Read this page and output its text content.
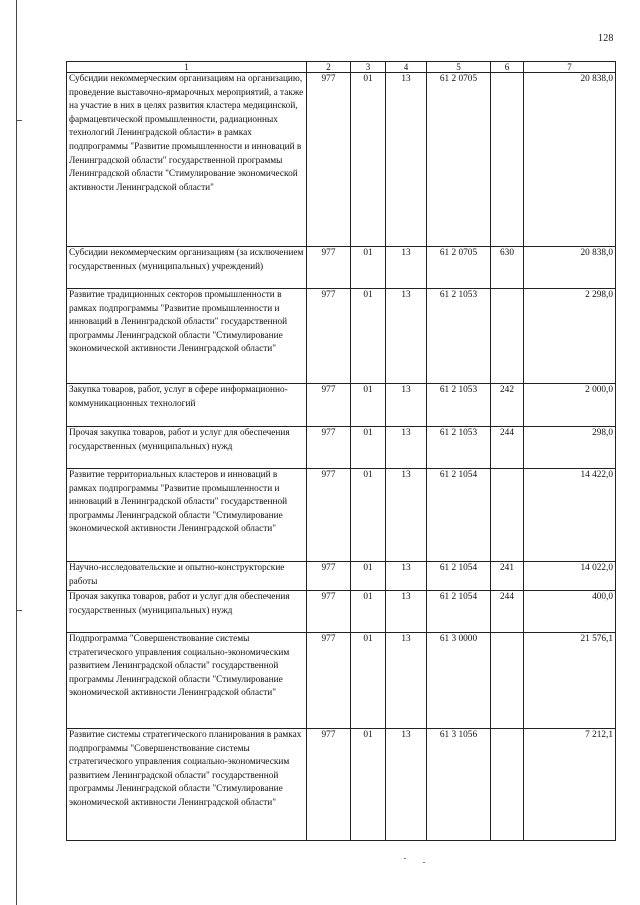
128
1	2	3	4	5	6	7
Субсидии некоммерческим организациям на организацию, проведение выставочно-ярмарочных мероприятий, а также на участие в них в целях развития кластера медицинской, фармацевтической промышленности, радиационных технологий Ленинградской области» в рамках подпрограммы "Развитие промышленности и инноваций в Ленинградской области" государственной программы Ленинградской области "Стимулирование экономической активности Ленинградской области"	977	01	13	61 2 0705		20 838,0
Субсидии некоммерческим организациям (за исключением государственных (муниципальных) учреждений)	977	01	13	61 2 0705	630	20 838,0
Развитие традиционных секторов промышленности в рамках подпрограммы "Развитие промышленности и инноваций в Ленинградской области" государственной программы Ленинградской области "Стимулирование экономической активности Ленинградской области"	977	01	13	61 2 1053		2 298,0
Закупка товаров, работ, услуг в сфере информационно-коммуникационных технологий	977	01	13	61 2 1053	242	2 000,0
Прочая закупка товаров, работ и услуг для обеспечения государственных (муниципальных) нужд	977	01	13	61 2 1053	244	298,0
Развитие территориальных кластеров и инноваций в рамках подпрограммы "Развитие промышленности и инноваций в Ленинградской области" государственной программы Ленинградской области "Стимулирование экономической активности Ленинградской области"	977	01	13	61 2 1054		14 422,0
Научно-исследовательские и опытно-конструкторские работы	977	01	13	61 2 1054	241	14 022,0
Прочая закупка товаров, работ и услуг для обеспечения государственных (муниципальных) нужд	977	01	13	61 2 1054	244	400,0
Подпрограмма "Совершенствование системы стратегического управления социально-экономическим развитием Ленинградской области" государственной программы Ленинградской области "Стимулирование экономической активности Ленинградской области"	977	01	13	61 3 0000		21 576,1
Развитие системы стратегического планирования в рамках подпрограммы "Совершенствование системы стратегического управления социально-экономическим развитием Ленинградской области" государственной программы Ленинградской области "Стимулирование экономической активности Ленинградской области"	977	01	13	61 3 1056		7 212,1
